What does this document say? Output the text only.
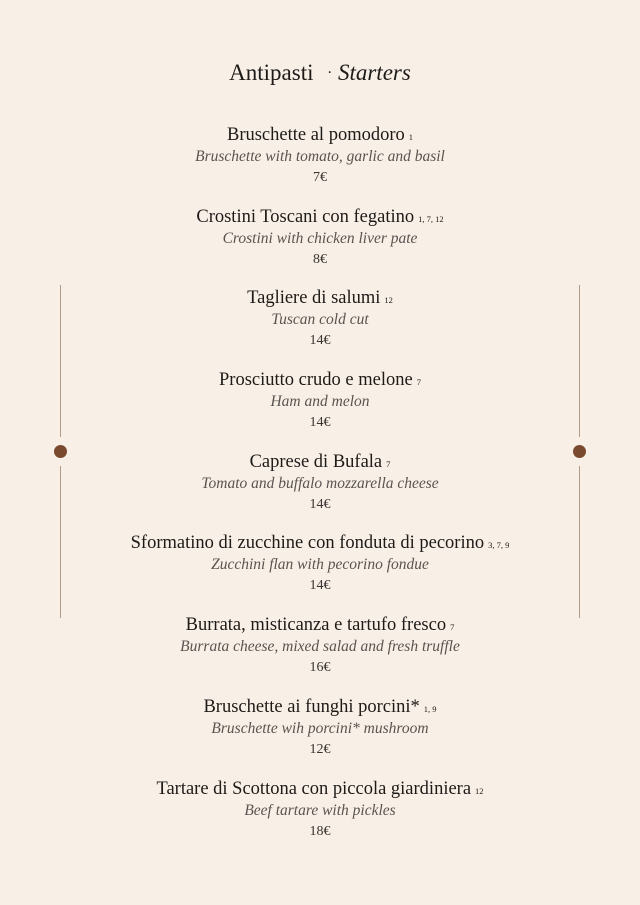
Antipasti · Starters
Bruschette al pomodoro $^1$
Bruschette with tomato, garlic and basil
7€
Crostini Toscani con fegatino $^{1, 7, 12}$
Crostini with chicken liver pate
8€
Tagliere di salumi $^{12}$
Tuscan cold cut
14€
Prosciutto crudo e melone $^7$
Ham and melon
14€
Caprese di Bufala $^7$
Tomato and buffalo mozzarella cheese
14€
Sformatino di zucchine con fonduta di pecorino $^{3, 7, 9}$
Zucchini flan with pecorino fondue
14€
Burrata, misticanza e tartufo fresco $^7$
Burrata cheese, mixed salad and fresh truffle
16€
Bruschette ai funghi porcini* $^{1, 9}$
Bruschette wih porcini* mushroom
12€
Tartare di Scottona con piccola giardiniera $^{12}$
Beef tartare with pickles
18€
